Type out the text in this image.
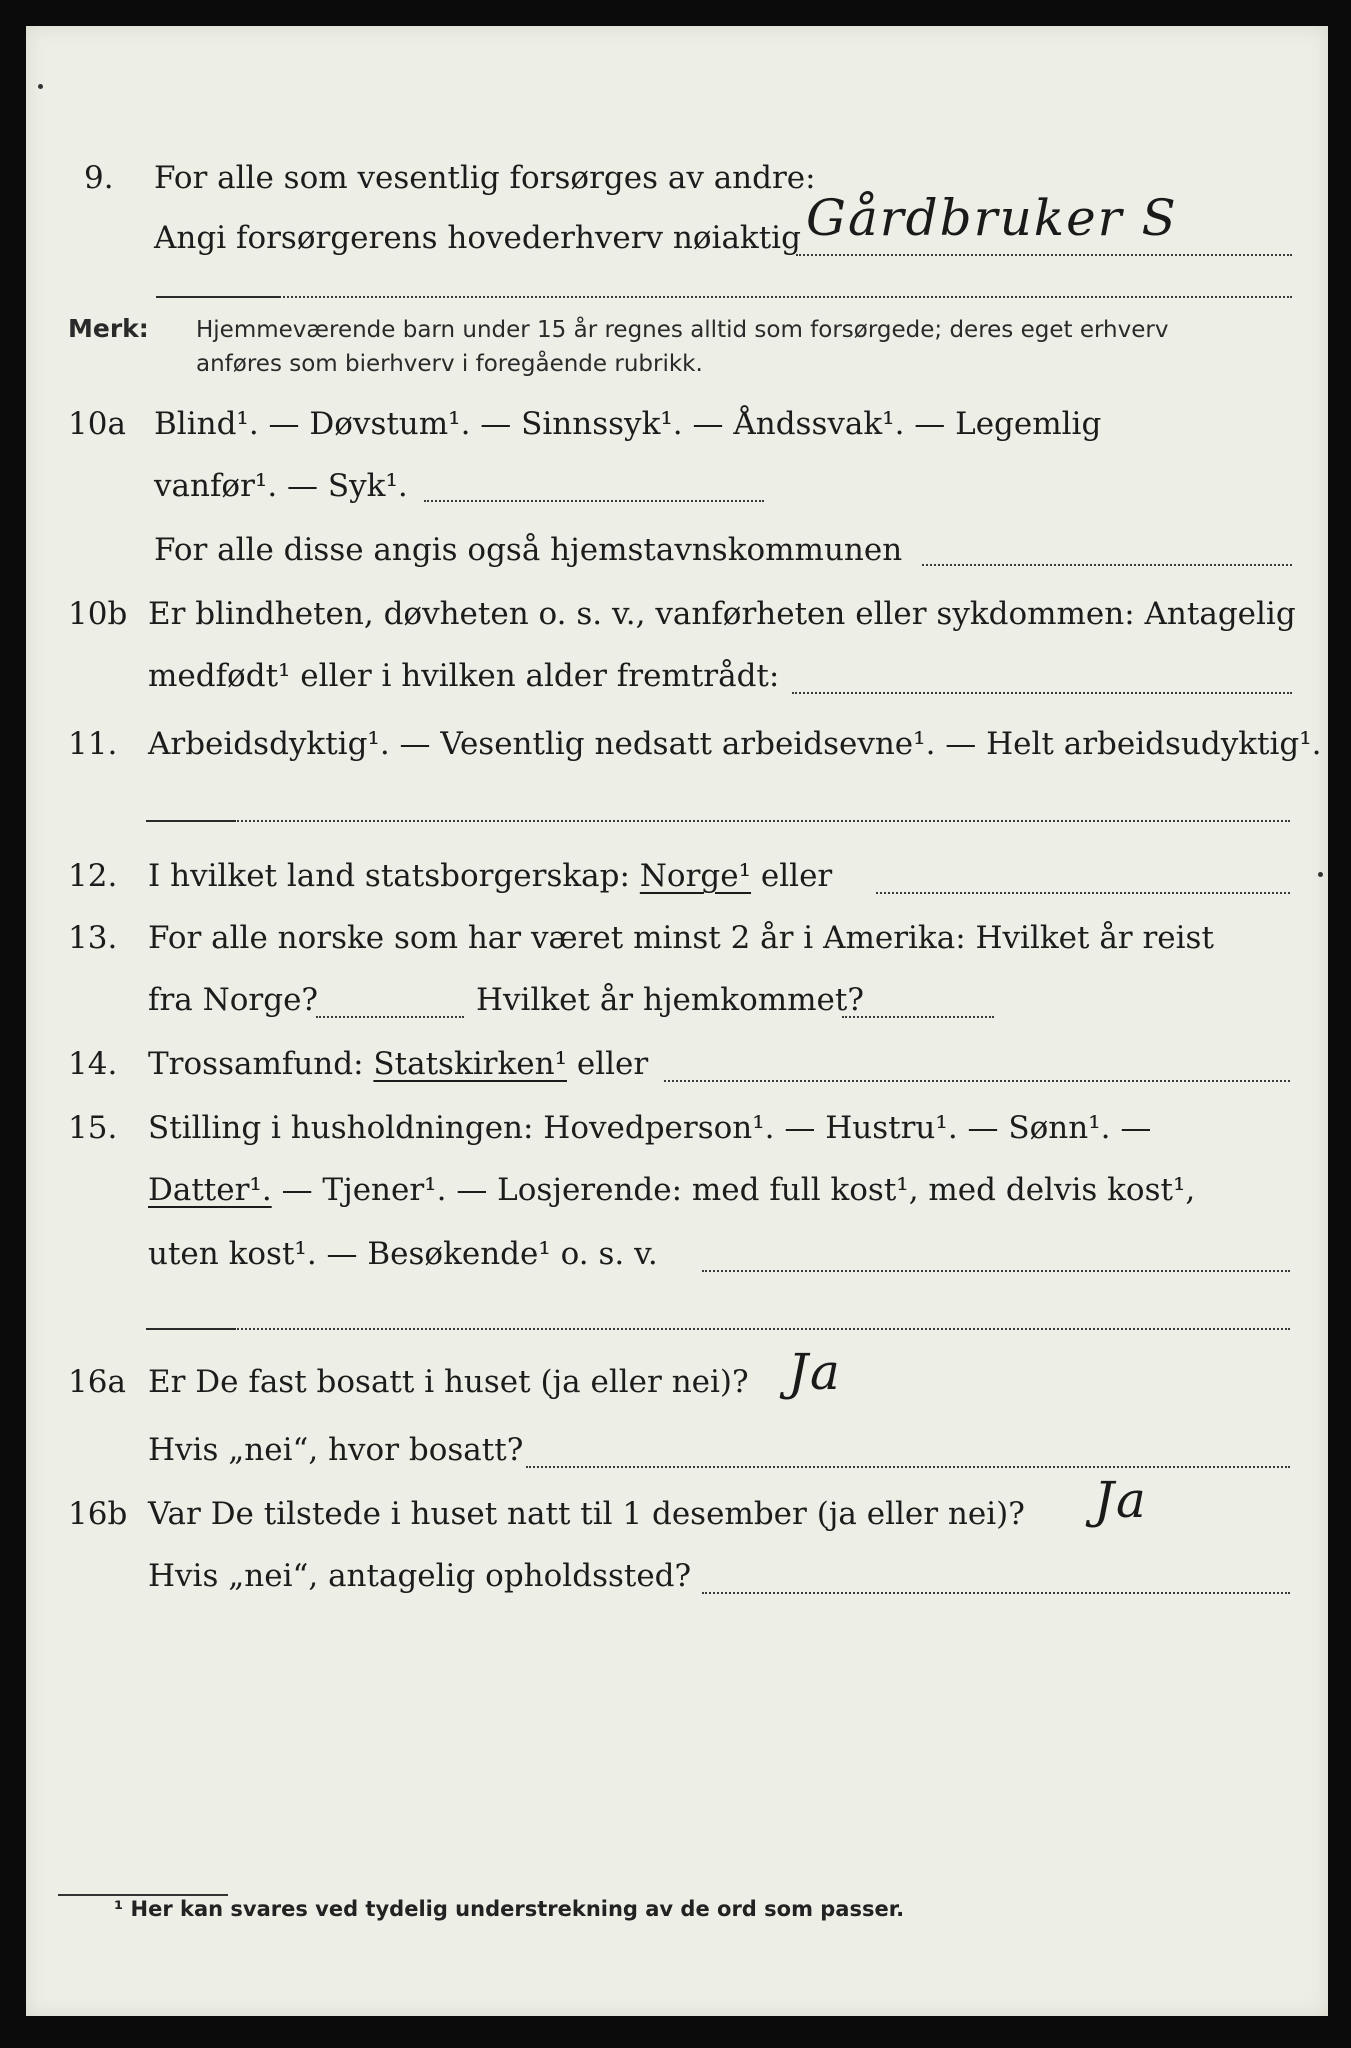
9. For alle som vesentlig forsørges av andre:
Angi forsørgerens hovederhverv nøiaktig Gårdbruker S
Merk: Hjemmeværende barn under 15 år regnes alltid som forsørgede; deres eget erhverv
anføres som bierhverv i foregående rubrikk.
10a Blind¹. — Døvstum¹. — Sinnssyk¹. — Åndssvak¹. — Legemlig
vanfør¹. — Syk¹.
For alle disse angis også hjemstavnskommunen
10b Er blindheten, døvheten o. s. v., vanførheten eller sykdommen: Antagelig
medfødt¹ eller i hvilken alder fremtrådt:
11. Arbeidsdyktig¹. — Vesentlig nedsatt arbeidsevne¹. — Helt arbeidsudyktig¹.
12. I hvilket land statsborgerskap: Norge¹ eller
13. For alle norske som har været minst 2 år i Amerika: Hvilket år reist
fra Norge?	Hvilket år hjemkommet?
14. Trossamfund: Statskirken¹ eller
15. Stilling i husholdningen: Hovedperson¹. — Hustru¹. — Sønn¹. —
Datter¹. — Tjener¹. — Losjerende: med full kost¹, med delvis kost¹,
uten kost¹. — Besøkende¹ o. s. v.
16a Er De fast bosatt i huset (ja eller nei)? Ja
Hvis „nei“, hvor bosatt?
16b Var De tilstede i huset natt til 1 desember (ja eller nei)? Ja
Hvis „nei“, antagelig opholdssted?
¹ Her kan svares ved tydelig understrekning av de ord som passer.
